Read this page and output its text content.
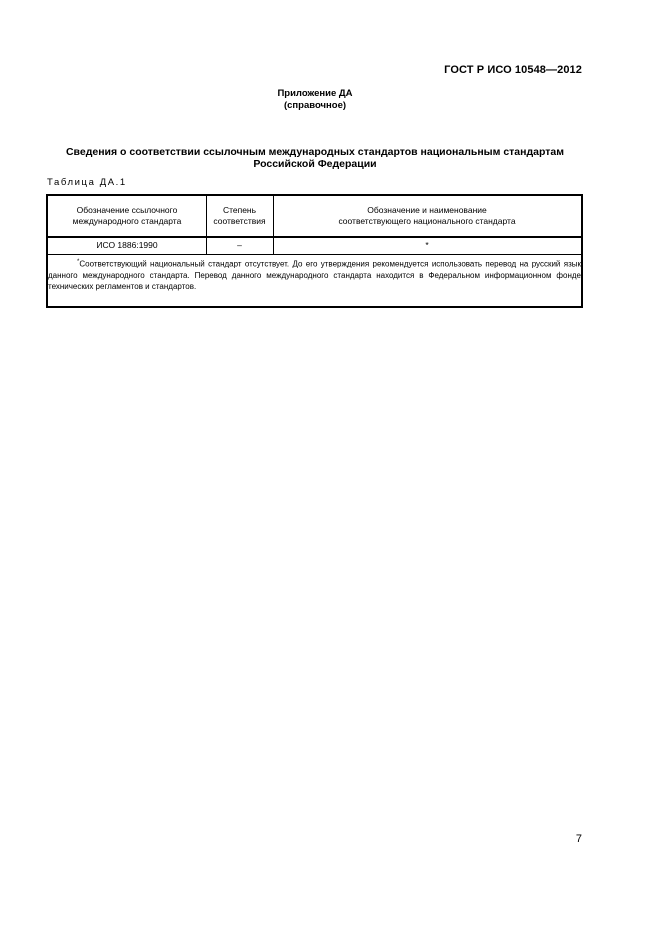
ГОСТ Р ИСО 10548—2012
Приложение ДА
(справочное)
Сведения о соответствии ссылочным международных стандартов национальным стандартам
Российской Федерации
Таблица ДА.1
Обозначение ссылочного
международного стандарта
Степень
соответствия
Обозначение и наименование
соответствующего национального стандарта
ИСО 1886:1990	–	*
*Соответствующий национальный стандарт отсутствует. До его утверждения рекомендуется использовать перевод на русский язык данного международного стандарта. Перевод данного международного стандарта находится в Федеральном информационном фонде технических регламентов и стандартов.
7
